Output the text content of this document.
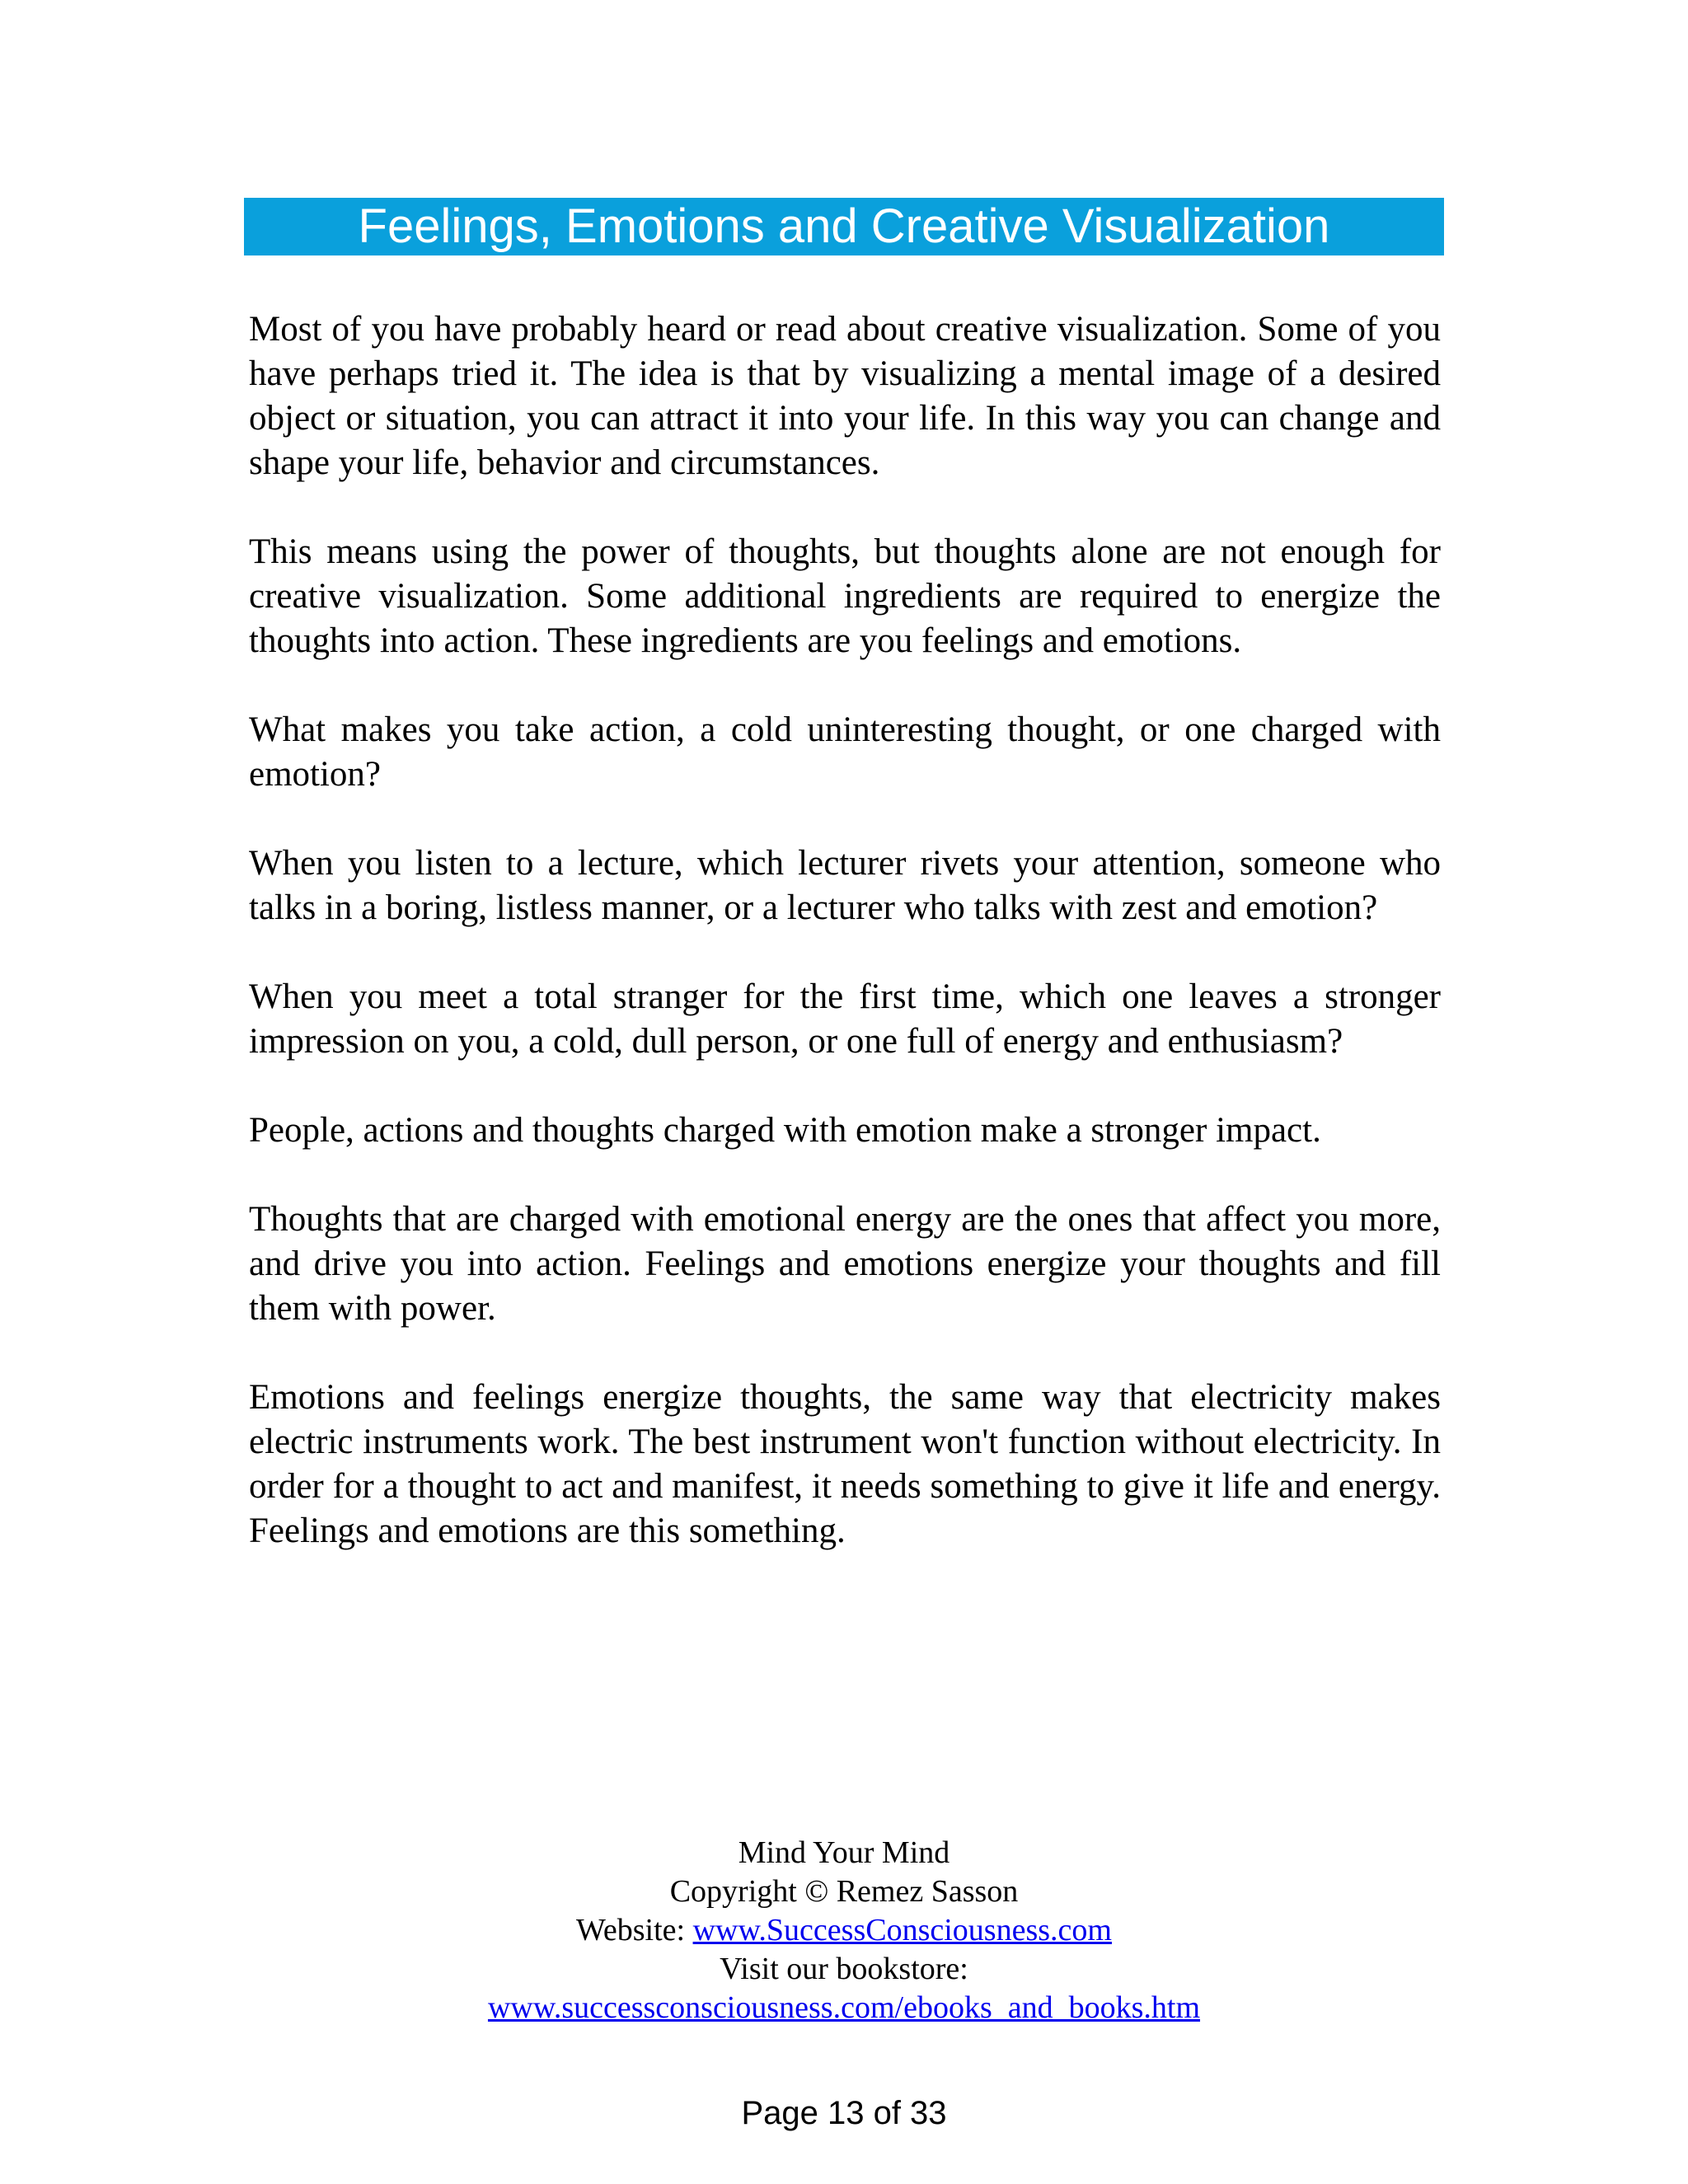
Feelings, Emotions and Creative Visualization

Most of you have probably heard or read about creative visualization. Some of you have perhaps tried it. The idea is that by visualizing a mental image of a desired object or situation, you can attract it into your life. In this way you can change and shape your life, behavior and circumstances.

This means using the power of thoughts, but thoughts alone are not enough for creative visualization. Some additional ingredients are required to energize the thoughts into action. These ingredients are you feelings and emotions.

What makes you take action, a cold uninteresting thought, or one charged with emotion?

When you listen to a lecture, which lecturer rivets your attention, someone who talks in a boring, listless manner, or a lecturer who talks with zest and emotion?

When you meet a total stranger for the first time, which one leaves a stronger impression on you, a cold, dull person, or one full of energy and enthusiasm?

People, actions and thoughts charged with emotion make a stronger impact.

Thoughts that are charged with emotional energy are the ones that affect you more, and drive you into action. Feelings and emotions energize your thoughts and fill them with power.

Emotions and feelings energize thoughts, the same way that electricity makes electric instruments work. The best instrument won't function without electricity. In order for a thought to act and manifest, it needs something to give it life and energy. Feelings and emotions are this something.

Mind Your Mind
Copyright © Remez Sasson
Website: www.SuccessConsciousness.com
Visit our bookstore:
www.successconsciousness.com/ebooks_and_books.htm
Page 13 of 33
